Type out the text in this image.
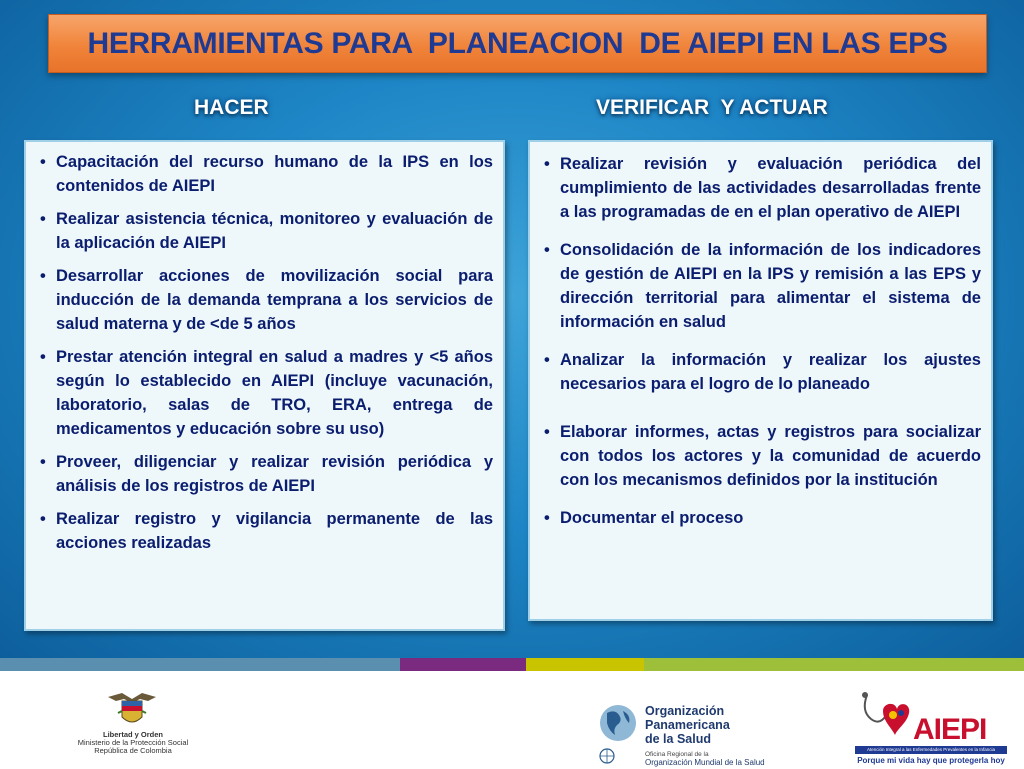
HERRAMIENTAS PARA  PLANEACION  DE AIEPI EN LAS EPS
HACER	VERIFICAR  Y ACTUAR
• Capacitación del recurso humano de la IPS en los contenidos de AIEPI
• Realizar asistencia técnica, monitoreo y evaluación de la aplicación de AIEPI
• Desarrollar acciones de movilización social para inducción de la demanda temprana a los servicios de salud materna y de <de 5 años
• Prestar atención integral en salud a madres y <5 años según lo establecido en AIEPI (incluye vacunación, laboratorio, salas de TRO, ERA, entrega de medicamentos y educación sobre su uso)
• Proveer, diligenciar y realizar revisión periódica y análisis de los registros de AIEPI
• Realizar registro y vigilancia permanente de las acciones realizadas
• Realizar revisión y evaluación periódica del cumplimiento de las actividades desarrolladas frente a las programadas de en el plan operativo de AIEPI
• Consolidación de la información de los indicadores de gestión de AIEPI en la IPS y remisión a las EPS y dirección territorial para alimentar el sistema de información en salud
• Analizar la información y realizar los ajustes necesarios para el logro de lo planeado
• Elaborar informes, actas y registros para socializar con todos los actores y la comunidad de acuerdo con los mecanismos definidos por la institución
• Documentar el proceso
Libertad y Orden
Ministerio de la Protección Social
República de Colombia
Organización
Panamericana
de la Salud
Oficina Regional de la
Organización Mundial de la Salud
AIEPI
Atención Integral a las Enfermedades Prevalentes en la Infancia
Porque mi vida hay que protegerla hoy
